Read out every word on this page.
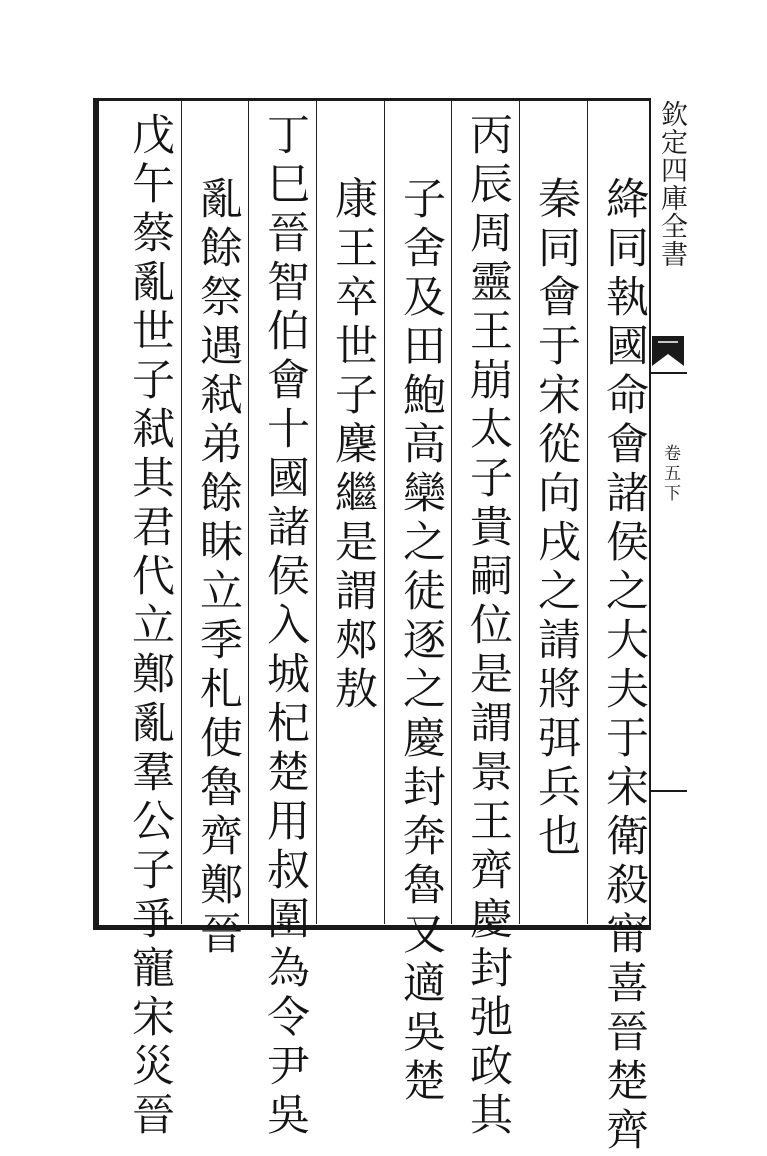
欽定四庫全書
卷五下
絳同執國命會諸侯之大夫于宋衛殺甯喜晉楚齊
秦同會于宋從向戌之請將弭兵也
丙辰周靈王崩太子貴嗣位是謂景王齊慶封弛政其
子舍及田鮑高欒之徒逐之慶封奔魯又適吳楚
康王卒世子麇繼是謂郟敖
丁巳晉智伯會十國諸侯入城杞楚用叔圍為令尹吳
亂餘祭遇弒弟餘眜立季札使魯齊鄭晉
戊午蔡亂世子弒其君代立鄭亂羣公子爭寵宋災晉
